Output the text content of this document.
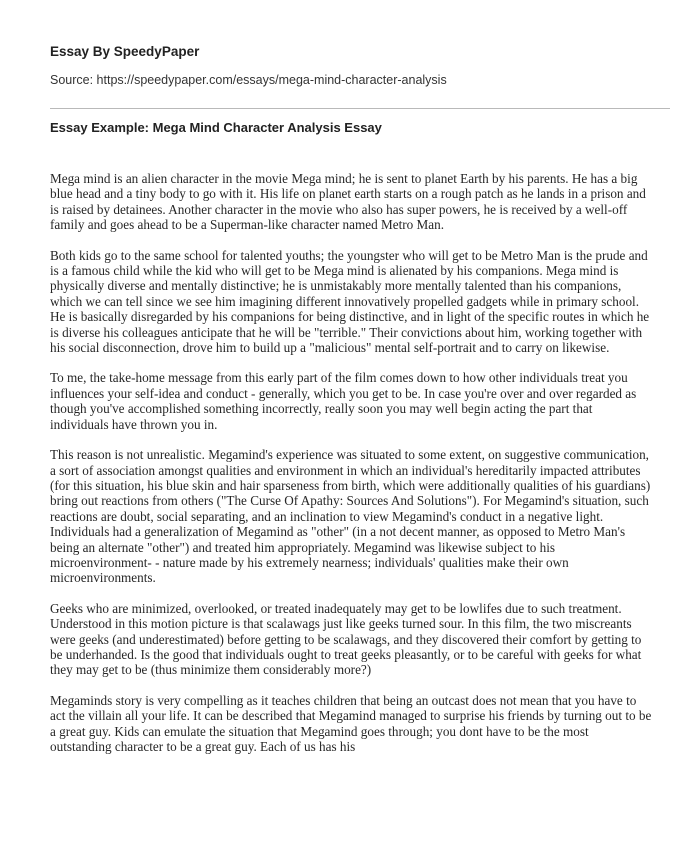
Essay By SpeedyPaper

Source: https://speedypaper.com/essays/mega-mind-character-analysis

Essay Example: Mega Mind Character Analysis Essay

Mega mind is an alien character in the movie Mega mind; he is sent to planet Earth by his parents. He has a big blue head and a tiny body to go with it. His life on planet earth starts on a rough patch as he lands in a prison and is raised by detainees. Another character in the movie who also has super powers, he is received by a well-off family and goes ahead to be a Superman-like character named Metro Man.

Both kids go to the same school for talented youths; the youngster who will get to be Metro Man is the prude and is a famous child while the kid who will get to be Mega mind is alienated by his companions. Mega mind is physically diverse and mentally distinctive; he is unmistakably more mentally talented than his companions, which we can tell since we see him imagining different innovatively propelled gadgets while in primary school. He is basically disregarded by his companions for being distinctive, and in light of the specific routes in which he is diverse his colleagues anticipate that he will be "terrible." Their convictions about him, working together with his social disconnection, drove him to build up a "malicious" mental self-portrait and to carry on likewise.

To me, the take-home message from this early part of the film comes down to how other individuals treat you influences your self-idea and conduct - generally, which you get to be. In case you're over and over regarded as though you've accomplished something incorrectly, really soon you may well begin acting the part that individuals have thrown you in.

This reason is not unrealistic. Megamind's experience was situated to some extent, on suggestive communication, a sort of association amongst qualities and environment in which an individual's hereditarily impacted attributes (for this situation, his blue skin and hair sparseness from birth, which were additionally qualities of his guardians) bring out reactions from others ("The Curse Of Apathy: Sources And Solutions"). For Megamind's situation, such reactions are doubt, social separating, and an inclination to view Megamind's conduct in a negative light. Individuals had a generalization of Megamind as "other" (in a not decent manner, as opposed to Metro Man's being an alternate "other") and treated him appropriately. Megamind was likewise subject to his microenvironment- - nature made by his extremely nearness; individuals' qualities make their own microenvironments.

Geeks who are minimized, overlooked, or treated inadequately may get to be lowlifes due to such treatment. Understood in this motion picture is that scalawags just like geeks turned sour. In this film, the two miscreants were geeks (and underestimated) before getting to be scalawags, and they discovered their comfort by getting to be underhanded. Is the good that individuals ought to treat geeks pleasantly, or to be careful with geeks for what they may get to be (thus minimize them considerably more?)

Megaminds story is very compelling as it teaches children that being an outcast does not mean that you have to act the villain all your life. It can be described that Megamind managed to surprise his friends by turning out to be a great guy. Kids can emulate the situation that Megamind goes through; you dont have to be the most outstanding character to be a great guy. Each of us has his
